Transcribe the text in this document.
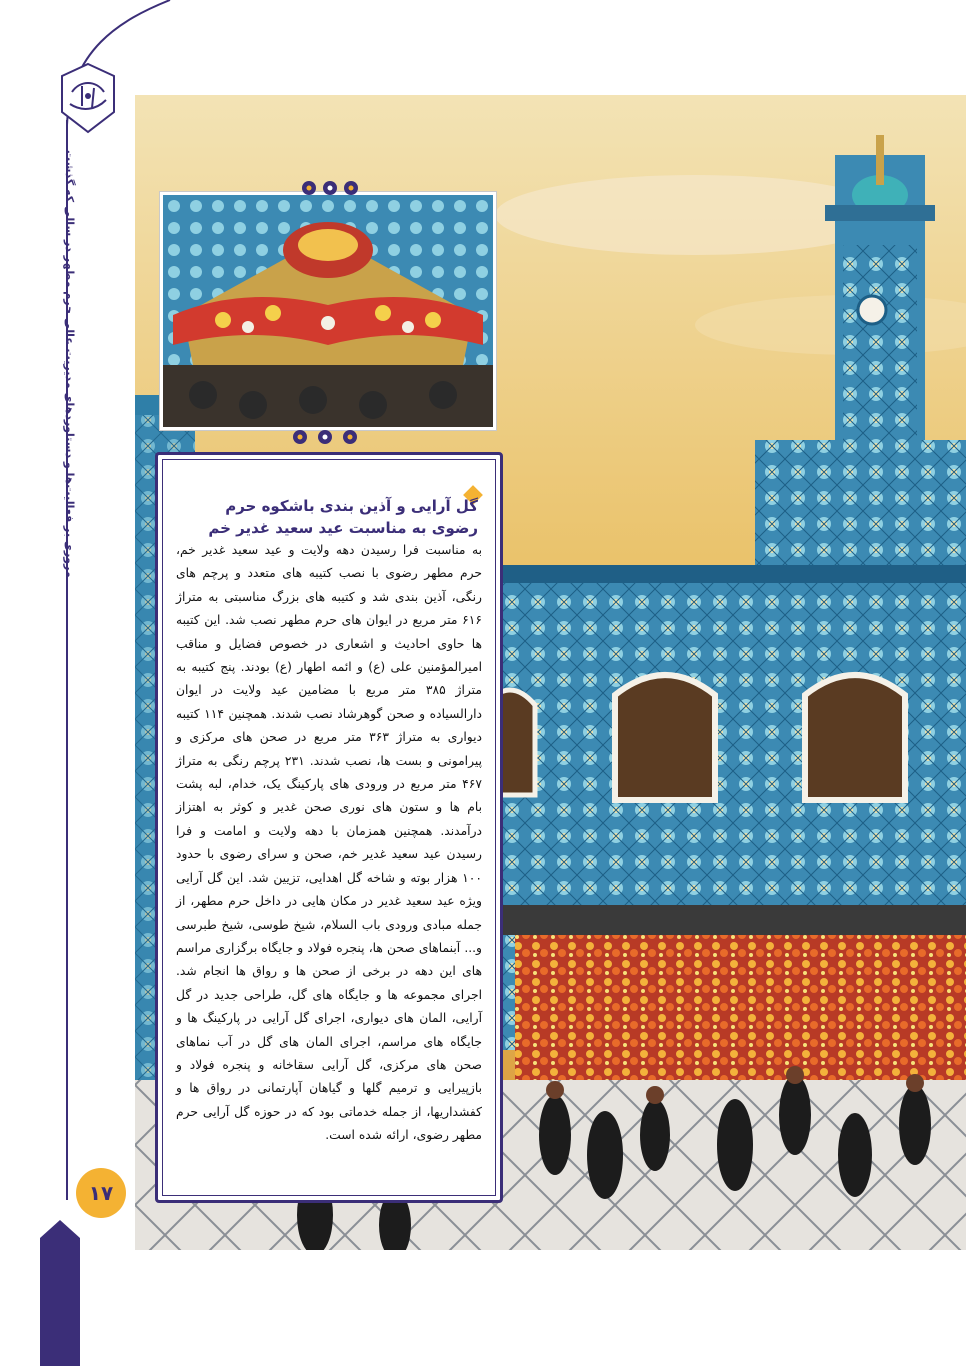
مروری بر فعالیت‌ها و دستاوردهای مدیریت عالی حرم مطهر در سالی که گذشت
۱۷
گل آرایی و آذین بندی باشکوه حرم رضوی به مناسبت عید سعید غدیر خم

به مناسبت فرا رسیدن دهه ولایت و عید سعید غدیر خم، حرم مطهر رضوی با نصب کتیبه های متعدد و پرچم های رنگی، آذین بندی شد و کتیبه های بزرگ مناسبتی به متراژ ۶۱۶ متر مربع در ایوان های حرم مطهر نصب شد. این کتیبه ها حاوی احادیث و اشعاری در خصوص فضایل و مناقب امیرالمؤمنین علی (ع) و ائمه اطهار (ع) بودند. پنج کتیبه به متراژ ۳۸۵ متر مربع با مضامین عید ولایت در ایوان دارالسیاده و صحن گوهرشاد نصب شدند. همچنین ۱۱۴ کتیبه دیواری به متراژ ۳۶۳ متر مربع در صحن های مرکزی و پیرامونی و بست ها، نصب شدند. ۲۳۱ پرچم رنگی به متراژ ۴۶۷ متر مربع در ورودی های پارکینگ یک، خدام، لبه پشت بام ها و ستون های نوری صحن غدیر و کوثر به اهتزاز درآمدند. همچنین همزمان با دهه ولایت و امامت و فرا رسیدن عید سعید غدیر خم، صحن و سرای رضوی با حدود ۱۰۰ هزار بوته و شاخه گل اهدایی، تزیین شد. این گل آرایی ویژه عید سعید غدیر در مکان هایی در داخل حرم مطهر، از جمله مبادی ورودی باب السلام، شیخ طوسی، شیخ طبرسی و... آبنماهای صحن ها، پنجره فولاد و جایگاه برگزاری مراسم های این دهه در برخی از صحن ها و رواق ها انجام شد. اجرای مجموعه ها و جایگاه های گل، طراحی جدید در گل آرایی، المان های دیواری، اجرای گل آرایی در پارکینگ ها و جایگاه های مراسم، اجرای المان های گل در آب نماهای صحن های مرکزی، گل آرایی سقاخانه و پنجره فولاد و بازپیرایی و ترمیم گلها و گیاهان آپارتمانی در رواق ها و کفشداریها، از جمله خدماتی بود که در حوزه گل آرایی حرم مطهر رضوی، ارائه شده است.
